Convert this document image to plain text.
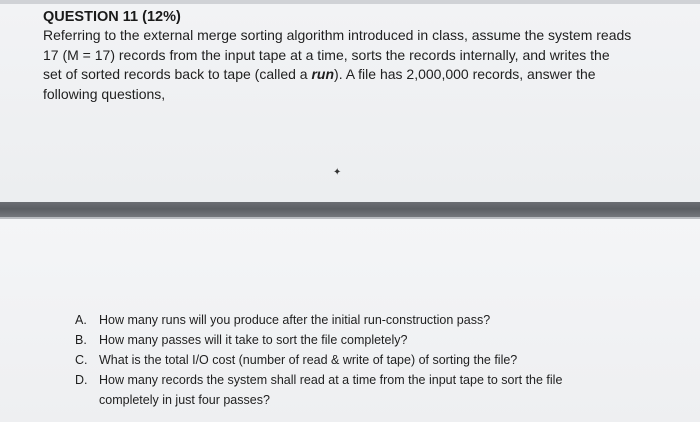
QUESTION 11 (12%)
Referring to the external merge sorting algorithm introduced in class, assume the system reads
17 (M = 17) records from the input tape at a time, sorts the records internally, and writes the
set of sorted records back to tape (called a run). A file has 2,000,000 records, answer the
following questions,
✦
A. How many runs will you produce after the initial run-construction pass?
B. How many passes will it take to sort the file completely?
C. What is the total I/O cost (number of read & write of tape) of sorting the file?
D. How many records the system shall read at a time from the input tape to sort the file
completely in just four passes?
